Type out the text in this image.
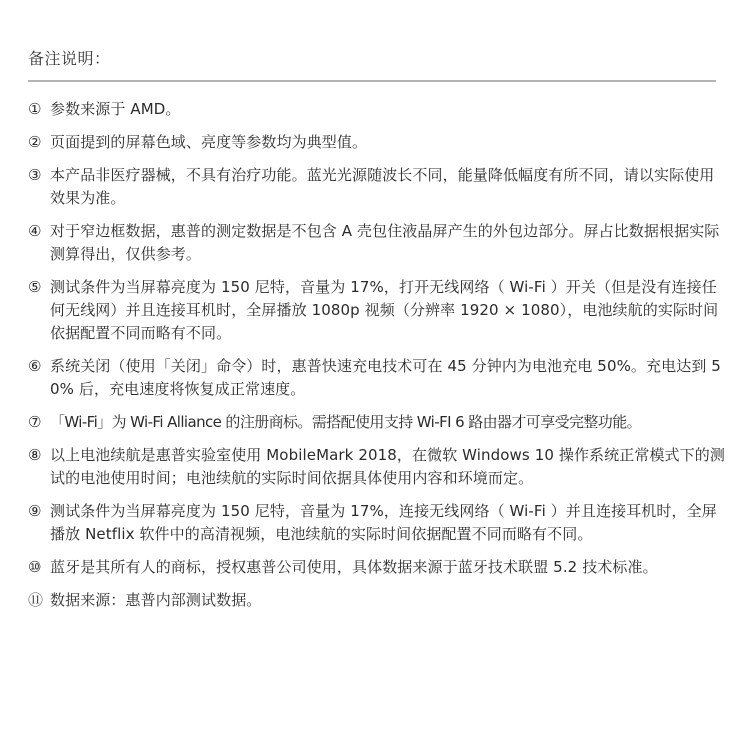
备注说明：
① 参数来源于 AMD。
② 页面提到的屏幕色域、亮度等参数均为典型值。
③ 本产品非医疗器械，不具有治疗功能。蓝光光源随波长不同，能量降低幅度有所不同，请以实际使用效果为准。
④ 对于窄边框数据，惠普的测定数据是不包含 A 壳包住液晶屏产生的外包边部分。屏占比数据根据实际测算得出，仅供参考。
⑤ 测试条件为当屏幕亮度为 150 尼特，音量为 17%，打开无线网络（ Wi-Fi ）开关（但是没有连接任何无线网）并且连接耳机时，全屏播放 1080p 视频（分辨率 1920 × 1080），电池续航的实际时间依据配置不同而略有不同。
⑥ 系统关闭（使用「关闭」命令）时，惠普快速充电技术可在 45 分钟内为电池充电 50%。充电达到 50% 后，充电速度将恢复成正常速度。
⑦ 「Wi-Fi」为 Wi-Fi Alliance 的注册商标。需搭配使用支持 Wi-FI 6 路由器才可享受完整功能。
⑧ 以上电池续航是惠普实验室使用 MobileMark 2018，在微软 Windows 10 操作系统正常模式下的测试的电池使用时间；电池续航的实际时间依据具体使用内容和环境而定。
⑨ 测试条件为当屏幕亮度为 150 尼特，音量为 17%，连接无线网络（ Wi-Fi ）并且连接耳机时，全屏播放 Netflix 软件中的高清视频，电池续航的实际时间依据配置不同而略有不同。
⑩ 蓝牙是其所有人的商标，授权惠普公司使用，具体数据来源于蓝牙技术联盟 5.2 技术标准。
⑪ 数据来源：惠普内部测试数据。
